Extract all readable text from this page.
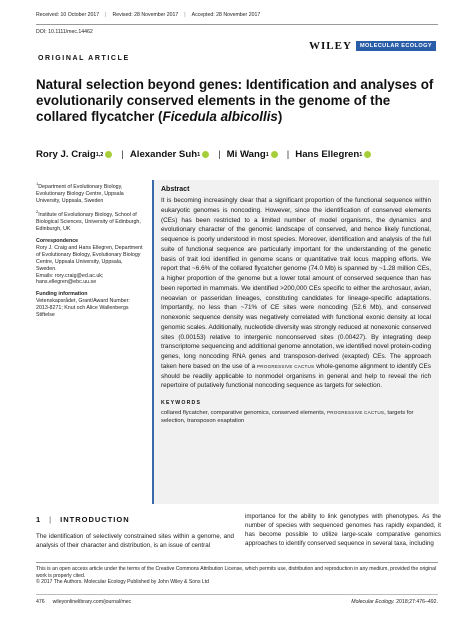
Received: 10 October 2017 | Revised: 28 November 2017 | Accepted: 28 November 2017
DOI: 10.1111/mec.14462
WILEY	MOLECULAR ECOLOGY
ORIGINAL ARTICLE
Natural selection beyond genes: Identification and analyses of evolutionarily conserved elements in the genome of the collared flycatcher (Ficedula albicollis)
Rory J. Craig 1,2 | Alexander Suh 1 | Mi Wang 1 | Hans Ellegren 1
$^1$Department of Evolutionary Biology, Evolutionary Biology Centre, Uppsala University, Uppsala, Sweden
$^2$Institute of Evolutionary Biology, School of Biological Sciences, University of Edinburgh, Edinburgh, UK
Correspondence
Rory J. Craig and Hans Ellegren, Department of Evolutionary Biology, Evolutionary Biology Centre, Uppsala University, Uppsala, Sweden.
Emails: rory.craig@ed.ac.uk; hans.ellegren@ebc.uu.se
Funding information
Vetenskapsrådet, Grant/Award Number: 2013-8271; Knut och Alice Wallenbergs Stiftelse
Abstract

It is becoming increasingly clear that a significant proportion of the functional sequence within eukaryotic genomes is noncoding. However, since the identification of conserved elements (CEs) has been restricted to a limited number of model organisms, the dynamics and evolutionary character of the genomic landscape of conserved, and hence likely functional, sequence is poorly understood in most species. Moreover, identification and analysis of the full suite of functional sequence are particularly important for the understanding of the genetic basis of trait loci identified in genome scans or quantitative trait locus mapping efforts. We report that ~6.6% of the collared flycatcher genome (74.0 Mb) is spanned by ~1.28 million CEs, a higher proportion of the genome but a lower total amount of conserved sequence than has been reported in mammals. We identified >200,000 CEs specific to either the archosaur, avian, neoavian or passeridan lineages, constituting candidates for lineage-specific adaptations. Importantly, no less than ~71% of CE sites were noncoding (52.6 Mb), and conserved nonexonic sequence density was negatively correlated with functional exonic density at local genomic scales. Additionally, nucleotide diversity was strongly reduced at nonexonic conserved sites (0.00153) relative to intergenic nonconserved sites (0.00427). By integrating deep transcriptome sequencing and additional genome annotation, we identified novel protein-coding genes, long noncoding RNA genes and transposon-derived (exapted) CEs. The approach taken here based on the use of a PROGRESSIVE CACTUS whole-genome alignment to identify CEs should be readily applicable to nonmodel organisms in general and help to reveal the rich repertoire of putatively functional noncoding sequence as targets for selection.

KEYWORDS

collared flycatcher, comparative genomics, conserved elements, PROGRESSIVE CACTUS, targets for selection, transposon exaptation

1 | INTRODUCTION

The identification of selectively constrained sites within a genome, and analysis of their character and distribution, is an issue of central

importance for the ability to link genotypes with phenotypes. As the number of species with sequenced genomes has rapidly expanded, it has become possible to utilize large-scale comparative genomics approaches to identify conserved sequence in several taxa, including

This is an open access article under the terms of the Creative Commons Attribution License, which permits use, distribution and reproduction in any medium, provided the original work is properly cited.
© 2017 The Authors. Molecular Ecology Published by John Wiley & Sons Ltd
476 wileyonlinelibrary.com/journal/mec	Molecular Ecology. 2018;27:476–492.
